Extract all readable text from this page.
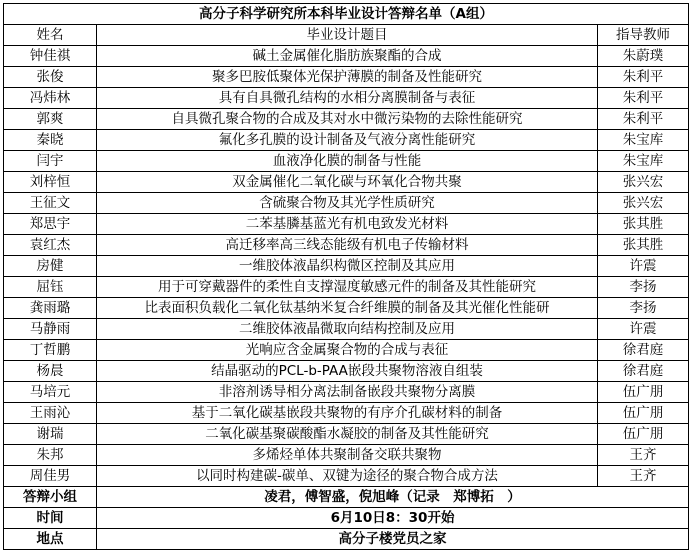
高分子科学研究所本科毕业设计答辩名单（A组）		
姓名	毕业设计题目	指导教师
钟佳祺	碱土金属催化脂肪族聚酯的合成	朱蔚璞
张俊	聚多巴胺低聚体光保护薄膜的制备及性能研究	朱利平
冯炜林	具有自具微孔结构的水相分离膜制备与表征	朱利平
郭爽	自具微孔聚合物的合成及其对水中微污染物的去除性能研究	朱利平
秦晓	氟化多孔膜的设计制备及气液分离性能研究	朱宝库
闫宇	血液净化膜的制备与性能	朱宝库
刘梓恒	双金属催化二氧化碳与环氧化合物共聚	张兴宏
王征文	含硫聚合物及其光学性质研究	张兴宏
郑思宇	二苯基膦基蓝光有机电致发光材料	张其胜
袁红杰	高迁移率高三线态能级有机电子传输材料	张其胜
房健	一维胶体液晶织构微区控制及其应用	许震
屈钰	用于可穿戴器件的柔性自支撑湿度敏感元件的制备及其性能研究	李扬
龚雨璐	比表面积负载化二氧化钛基纳米复合纤维膜的制备及其光催化性能研	李扬
马静雨	二维胶体液晶微取向结构控制及应用	许震
丁哲鹏	光响应含金属聚合物的合成与表征	徐君庭
杨晨	结晶驱动的PCL-b-PAA嵌段共聚物溶液自组装	徐君庭
马培元	非溶剂诱导相分离法制备嵌段共聚物分离膜	伍广朋
王雨沁	基于二氧化碳基嵌段共聚物的有序介孔碳材料的制备	伍广朋
谢瑞	二氧化碳基聚碳酸酯水凝胶的制备及其性能研究	伍广朋
朱邦	多烯烃单体共聚制备交联共聚物	王齐
周佳男	以同时构建碳-碳单、双键为途径的聚合物合成方法	王齐
答辩小组	凌君，傅智盛，倪旭峰（记录　郑博拓　）	
时间	6月10日8：30开始	
地点	高分子楼党员之家	
